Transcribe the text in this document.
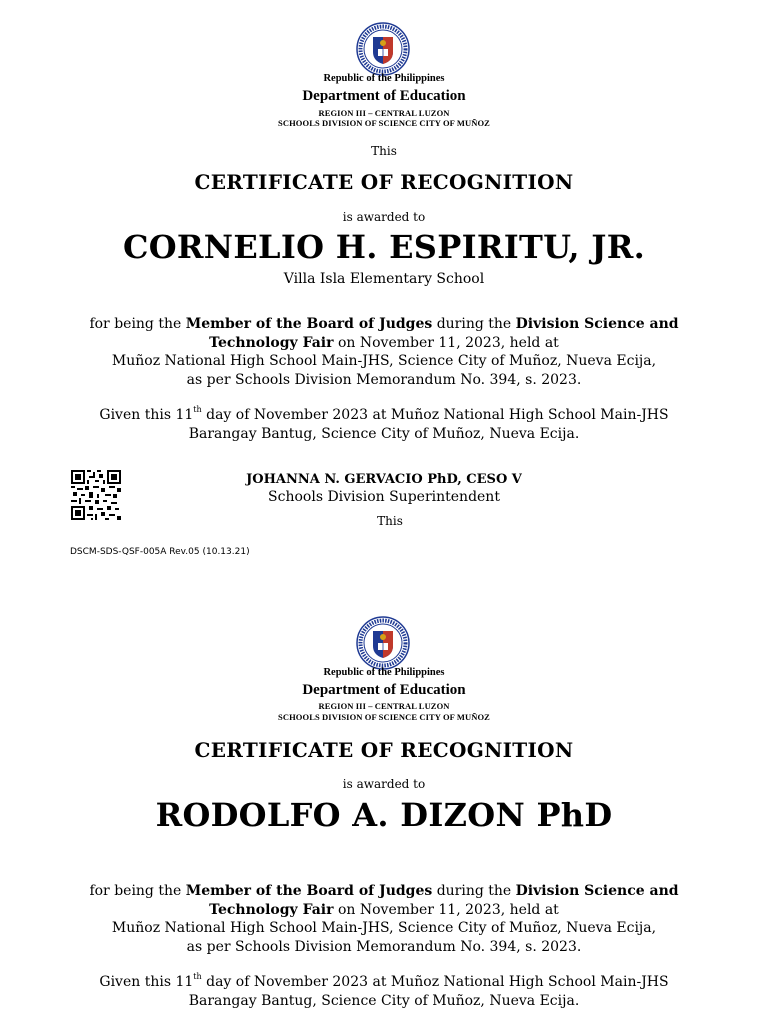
Republic of the Philippines
Department of Education
REGION III – CENTRAL LUZON
SCHOOLS DIVISION OF SCIENCE CITY OF MUÑOZ
This
CERTIFICATE OF RECOGNITION
is awarded to
CORNELIO H. ESPIRITU, JR.
Villa Isla Elementary School
for being the Member of the Board of Judges during the Division Science and
Technology Fair on November 11, 2023, held at
Muñoz National High School Main-JHS, Science City of Muñoz, Nueva Ecija,
as per Schools Division Memorandum No. 394, s. 2023.
Given this 11th day of November 2023 at Muñoz National High School Main-JHS
Barangay Bantug, Science City of Muñoz, Nueva Ecija.
JOHANNA N. GERVACIO PhD, CESO V
Schools Division Superintendent
This
DSCM-SDS-QSF-005A Rev.05 (10.13.21)
Republic of the Philippines
Department of Education
REGION III – CENTRAL LUZON
SCHOOLS DIVISION OF SCIENCE CITY OF MUÑOZ
CERTIFICATE OF RECOGNITION
is awarded to
RODOLFO A. DIZON PhD
for being the Member of the Board of Judges during the Division Science and
Technology Fair on November 11, 2023, held at
Muñoz National High School Main-JHS, Science City of Muñoz, Nueva Ecija,
as per Schools Division Memorandum No. 394, s. 2023.
Given this 11th day of November 2023 at Muñoz National High School Main-JHS
Barangay Bantug, Science City of Muñoz, Nueva Ecija.
